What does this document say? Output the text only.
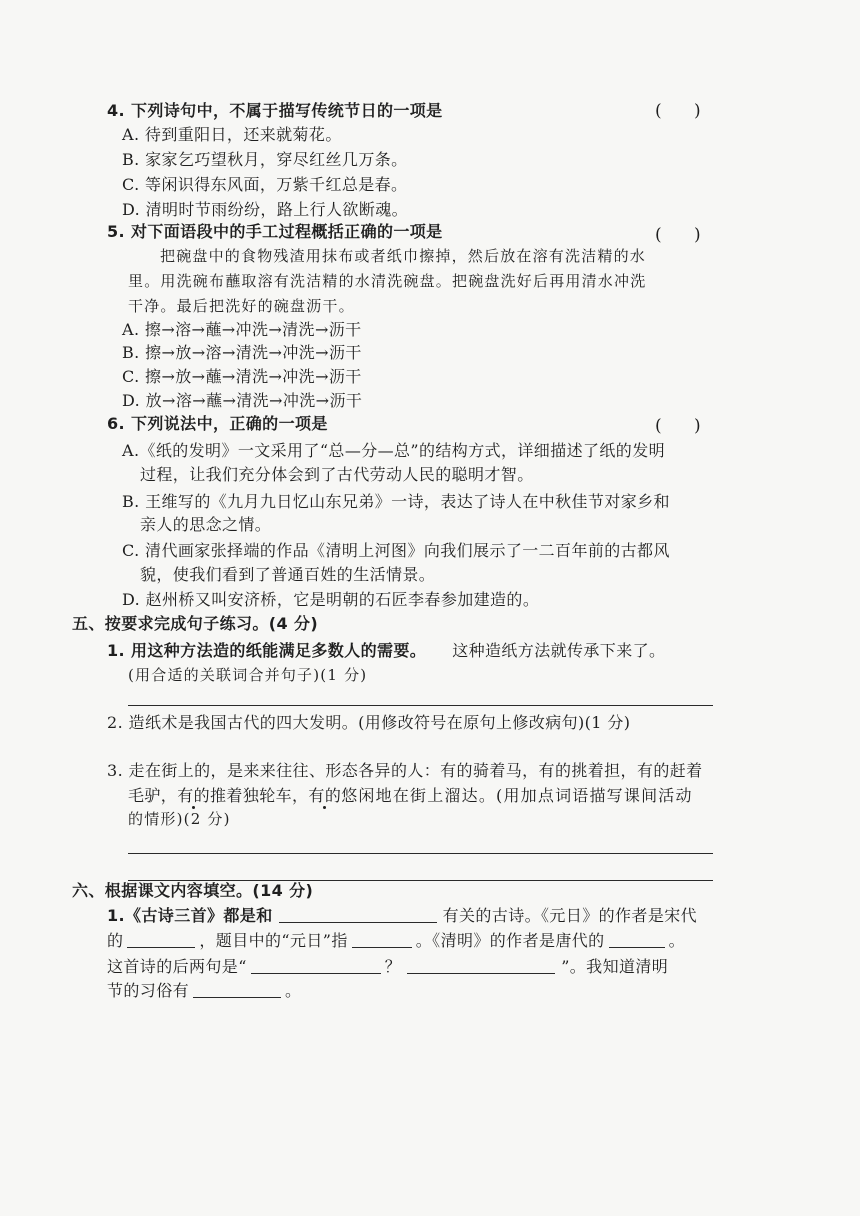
4. 下列诗句中，不属于描写传统节日的一项是	(      )
A. 待到重阳日，还来就菊花。
B. 家家乞巧望秋月，穿尽红丝几万条。
C. 等闲识得东风面，万紫千红总是春。
D. 清明时节雨纷纷，路上行人欲断魂。
5. 对下面语段中的手工过程概括正确的一项是	(      )
把碗盘中的食物残渣用抹布或者纸巾擦掉，然后放在溶有洗洁精的水
里。用洗碗布蘸取溶有洗洁精的水清洗碗盘。把碗盘洗好后再用清水冲洗
干净。最后把洗好的碗盘沥干。
A. 擦→溶→蘸→冲洗→清洗→沥干
B. 擦→放→溶→清洗→冲洗→沥干
C. 擦→放→蘸→清洗→冲洗→沥干
D. 放→溶→蘸→清洗→冲洗→沥干
6. 下列说法中，正确的一项是	(      )
A.《纸的发明》一文采用了“总—分—总”的结构方式，详细描述了纸的发明
过程，让我们充分体会到了古代劳动人民的聪明才智。
B. 王维写的《九月九日忆山东兄弟》一诗，表达了诗人在中秋佳节对家乡和
亲人的思念之情。
C. 清代画家张择端的作品《清明上河图》向我们展示了一二百年前的古都风
貌，使我们看到了普通百姓的生活情景。
D. 赵州桥又叫安济桥，它是明朝的石匠李春参加建造的。
五、按要求完成句子练习。(4 分)
1. 用这种方法造的纸能满足多数人的需要。 这种造纸方法就传承下来了。
(用合适的关联词合并句子)(1 分)
2. 造纸术是我国古代的四大发明。(用修改符号在原句上修改病句)(1 分)
3. 走在街上的，是来来往往、形态各异的人：有的骑着马，有的挑着担，有的赶着
毛驴，有的推着独轮车，有的悠闲地在街上溜达。(用加点词语描写课间活动
的情形)(2 分)
六、根据课文内容填空。(14 分)
1.《古诗三首》都是和	有关的古诗。《元日》的作者是宋代
的	，题目中的“元日”指	。《清明》的作者是唐代的	。
这首诗的后两句是“	？	”。我知道清明
节的习俗有	。
